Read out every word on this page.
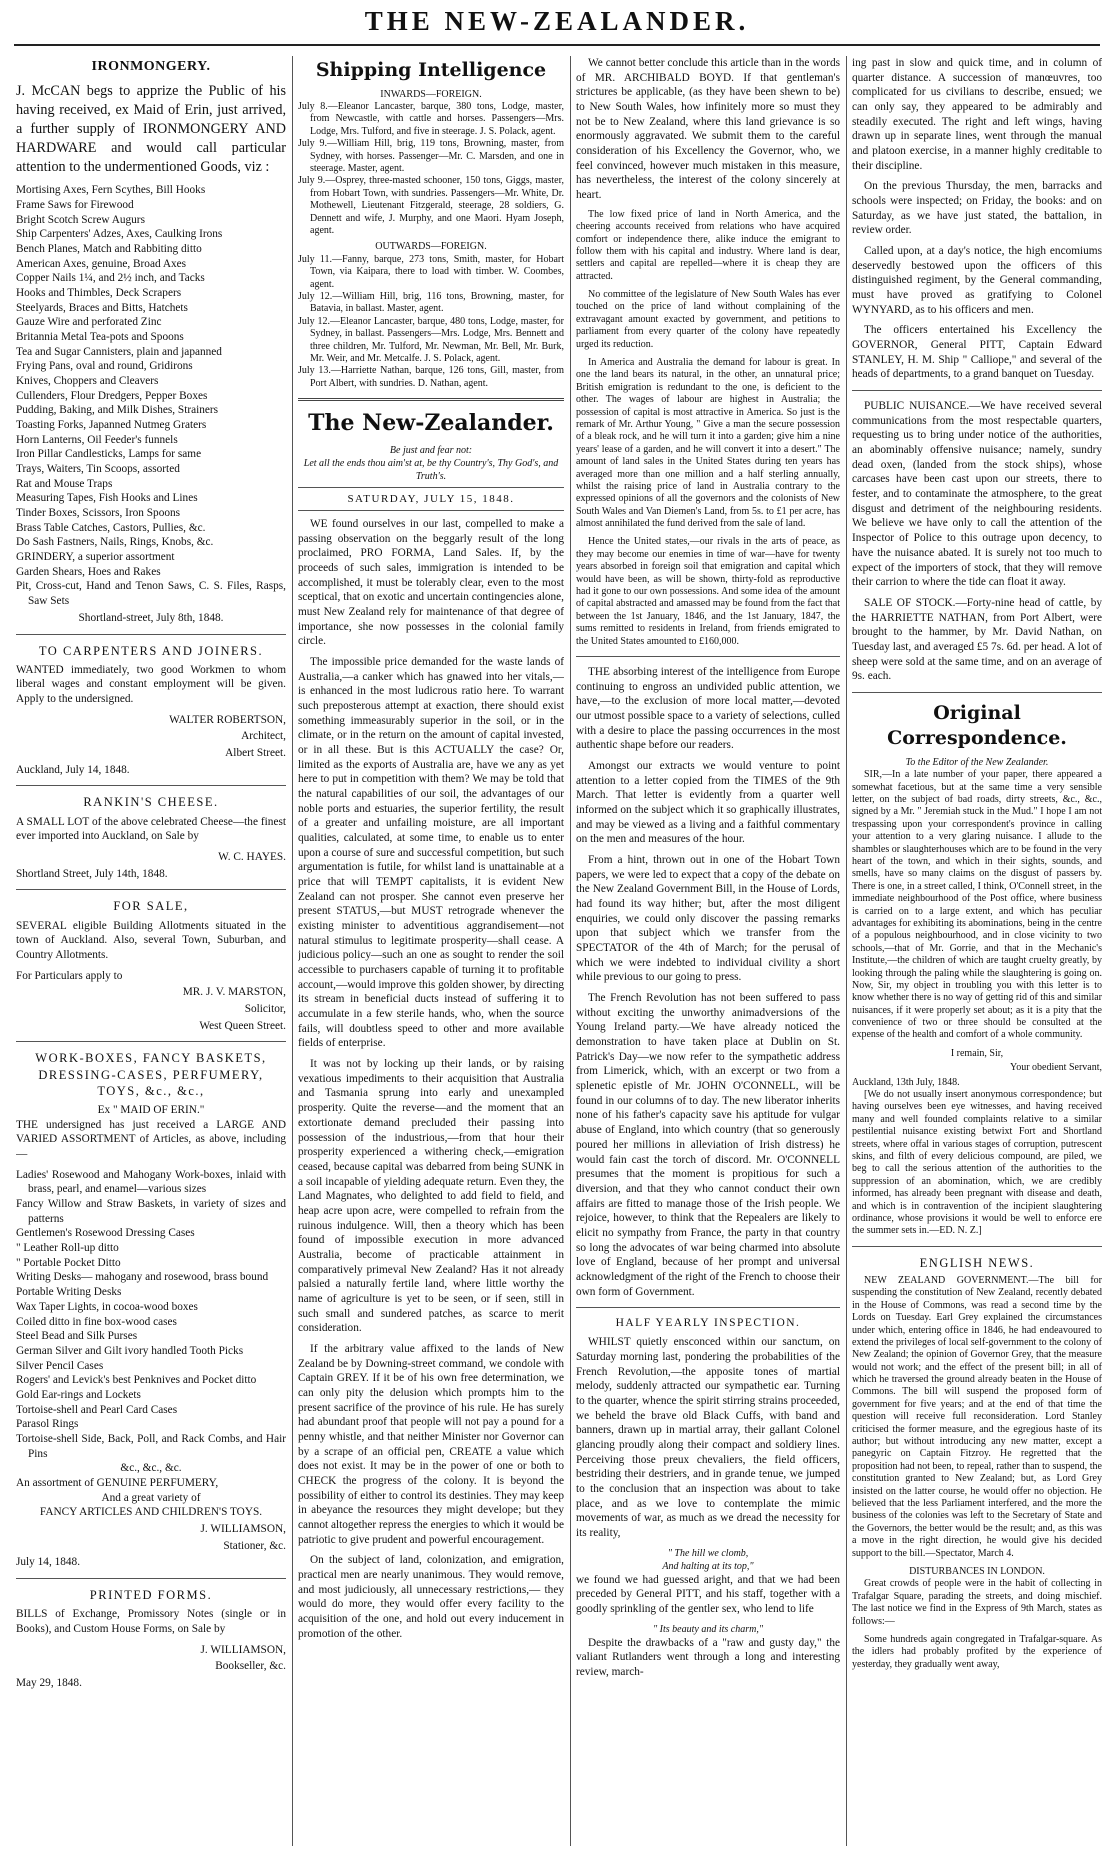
THE NEW-ZEALANDER.
IRONMONGERY.

J. McCAN begs to apprize the Public of his having received, ex Maid of Erin, just arrived, a further supply of IRONMONGERY AND HARDWARE and would call particular attention to the undermentioned Goods, viz :

Mortising Axes, Fern Scythes, Bill Hooks
Frame Saws for Firewood
Bright Scotch Screw Augurs
Ship Carpenters' Adzes, Axes, Caulking Irons
Bench Planes, Match and Rabbiting ditto
American Axes, genuine, Broad Axes
Copper Nails 1¼, and 2½ inch, and Tacks
Hooks and Thimbles, Deck Scrapers
Steelyards, Braces and Bitts, Hatchets
Gauze Wire and perforated Zinc
Britannia Metal Tea-pots and Spoons
Tea and Sugar Cannisters, plain and japanned
Frying Pans, oval and round, Gridirons
Knives, Choppers and Cleavers
Cullenders, Flour Dredgers, Pepper Boxes
Pudding, Baking, and Milk Dishes, Strainers
Toasting Forks, Japanned Nutmeg Graters
Horn Lanterns, Oil Feeder's funnels
Iron Pillar Candlesticks, Lamps for same
Trays, Waiters, Tin Scoops, assorted
Rat and Mouse Traps
Measuring Tapes, Fish Hooks and Lines
Tinder Boxes, Scissors, Iron Spoons
Brass Table Catches, Castors, Pullies, &c.
Do Sash Fastners, Nails, Rings, Knobs, &c.
GRINDERY, a superior assortment
Garden Shears, Hoes and Rakes
Pit, Cross-cut, Hand and Tenon Saws, C. S. Files, Rasps, Saw Sets
Shortland-street, July 8th, 1848.
TO CARPENTERS AND JOINERS.

WANTED immediately, two good Workmen to whom liberal wages and constant employment will be given. Apply to the undersigned.

WALTER ROBERTSON,
Architect,
Albert Street.
Auckland, July 14, 1848.
RANKIN'S CHEESE.

A SMALL LOT of the above celebrated Cheese—the finest ever imported into Auckland, on Sale by

W. C. HAYES.
Shortland Street, July 14th, 1848.
FOR SALE,

SEVERAL eligible Building Allotments situated in the town of Auckland. Also, several Town, Suburban, and Country Allotments.

For Particulars apply to
MR. J. V. MARSTON,
Solicitor,
West Queen Street.
WORK-BOXES, FANCY BASKETS, DRESSING-CASES, PERFUMERY, TOYS, &c., &c.,
Ex " MAID OF ERIN."

THE undersigned has just received a LARGE AND VARIED ASSORTMENT of Articles, as above, including—

Ladies' Rosewood and Mahogany Work-boxes, inlaid with brass, pearl, and enamel—various sizes
Fancy Willow and Straw Baskets, in variety of sizes and patterns
Gentlemen's Rosewood Dressing Cases
" Leather Roll-up ditto
" Portable Pocket Ditto
Writing Desks— mahogany and rosewood, brass bound
Portable Writing Desks
Wax Taper Lights, in cocoa-wood boxes
Coiled ditto in fine box-wood cases
Steel Bead and Silk Purses
German Silver and Gilt ivory handled Tooth Picks
Silver Pencil Cases
Rogers' and Levick's best Penknives and Pocket ditto
Gold Ear-rings and Lockets
Tortoise-shell and Pearl Card Cases
Parasol Rings
Tortoise-shell Side, Back, Poll, and Rack Combs, and Hair Pins
&c., &c., &c.
An assortment of GENUINE PERFUMERY,
And a great variety of
FANCY ARTICLES AND CHILDREN'S TOYS.
J. WILLIAMSON,
Stationer, &c.
July 14, 1848.
PRINTED FORMS.

BILLS of Exchange, Promissory Notes (single or in Books), and Custom House Forms, on Sale by

J. WILLIAMSON,
Bookseller, &c.
May 29, 1848.
Shipping Intelligence
INWARDS—FOREIGN.
July 8.—Eleanor Lancaster, barque, 380 tons, Lodge, master, from Newcastle, with cattle and horses. Passengers—Mrs. Lodge, Mrs. Tulford, and five in steerage. J. S. Polack, agent.
July 9.—William Hill, brig, 119 tons, Browning, master, from Sydney, with horses. Passenger—Mr. C. Marsden, and one in steerage. Master, agent.
July 9.—Osprey, three-masted schooner, 150 tons, Giggs, master, from Hobart Town, with sundries. Passengers—Mr. White, Dr. Mothewell, Lieutenant Fitzgerald, steerage, 28 soldiers, G. Dennett and wife, J. Murphy, and one Maori. Hyam Joseph, agent.
OUTWARDS—FOREIGN.
July 11.—Fanny, barque, 273 tons, Smith, master, for Hobart Town, via Kaipara, there to load with timber. W. Coombes, agent.
July 12.—William Hill, brig, 116 tons, Browning, master, for Batavia, in ballast. Master, agent.
July 12.—Eleanor Lancaster, barque, 480 tons, Lodge, master, for Sydney, in ballast. Passengers—Mrs. Lodge, Mrs. Bennett and three children, Mr. Tulford, Mr. Newman, Mr. Bell, Mr. Burk, Mr. Weir, and Mr. Metcalfe. J. S. Polack, agent.
July 13.—Harriette Nathan, barque, 126 tons, Gill, master, from Port Albert, with sundries. D. Nathan, agent.
The New-Zealander.
Be just and fear not:
Let all the ends thou aim'st at, be thy Country's, Thy God's, and Truth's.
SATURDAY, JULY 15, 1848.

WE found ourselves in our last, compelled to make a passing observation on the beggarly result of the long proclaimed, PRO FORMA, Land Sales. If, by the proceeds of such sales, immigration is intended to be accomplished, it must be tolerably clear, even to the most sceptical, that on exotic and uncertain contingencies alone, must New Zealand rely for maintenance of that degree of importance, she now possesses in the colonial family circle.

The impossible price demanded for the waste lands of Australia,—a canker which has gnawed into her vitals,—is enhanced in the most ludicrous ratio here. To warrant such preposterous attempt at exaction, there should exist something immeasurably superior in the soil, or in the climate, or in the return on the amount of capital invested, or in all these. But is this ACTUALLY the case? Or, limited as the exports of Australia are, have we any as yet here to put in competition with them? We may be told that the natural capabilities of our soil, the advantages of our noble ports and estuaries, the superior fertility, the result of a greater and unfailing moisture, are all important qualities, calculated, at some time, to enable us to enter upon a course of sure and successful competition, but such argumentation is futile, for whilst land is unattainable at a price that will TEMPT capitalists, it is evident New Zealand can not prosper. She cannot even preserve her present STATUS,—but MUST retrograde whenever the existing minister to adventitious aggrandisement—not natural stimulus to legitimate prosperity—shall cease. A judicious policy—such an one as sought to render the soil accessible to purchasers capable of turning it to profitable account,—would improve this golden shower, by directing its stream in beneficial ducts instead of suffering it to accumulate in a few sterile hands, who, when the source fails, will doubtless speed to other and more available fields of enterprise.

It was not by locking up their lands, or by raising vexatious impediments to their acquisition that Australia and Tasmania sprung into early and unexampled prosperity. Quite the reverse—and the moment that an extortionate demand precluded their passing into possession of the industrious,—from that hour their prosperity experienced a withering check,—emigration ceased, because capital was debarred from being SUNK in a soil incapable of yielding adequate return. Even they, the Land Magnates, who delighted to add field to field, and heap acre upon acre, were compelled to refrain from the ruinous indulgence. Will, then a theory which has been found of impossible execution in more advanced Australia, become of practicable attainment in comparatively primeval New Zealand? Has it not already palsied a naturally fertile land, where little worthy the name of agriculture is yet to be seen, or if seen, still in such small and sundered patches, as scarce to merit consideration.

If the arbitrary value affixed to the lands of New Zealand be by Downing-street command, we condole with Captain GREY. If it be of his own free determination, we can only pity the delusion which prompts him to the present sacrifice of the province of his rule. He has surely had abundant proof that people will not pay a pound for a penny whistle, and that neither Minister nor Governor can by a scrape of an official pen, CREATE a value which does not exist. It may be in the power of one or both to CHECK the progress of the colony. It is beyond the possibility of either to control its destinies. They may keep in abeyance the resources they might develope; but they cannot altogether repress the energies to which it would be patriotic to give prudent and powerful encouragement.

On the subject of land, colonization, and emigration, practical men are nearly unanimous. They would remove, and most judiciously, all unnecessary restrictions,— they would do more, they would offer every facility to the acquisition of the one, and hold out every inducement in promotion of the other.

We cannot better conclude this article than in the words of MR. ARCHIBALD BOYD. If that gentleman's strictures be applicable, (as they have been shewn to be) to New South Wales, how infinitely more so must they not be to New Zealand, where this land grievance is so enormously aggravated. We submit them to the careful consideration of his Excellency the Governor, who, we feel convinced, however much mistaken in this measure, has nevertheless, the interest of the colony sincerely at heart.

The low fixed price of land in North America, and the cheering accounts received from relations who have acquired comfort or independence there, alike induce the emigrant to follow them with his capital and industry. Where land is dear, settlers and capital are repelled—where it is cheap they are attracted.

No committee of the legislature of New South Wales has ever touched on the price of land without complaining of the extravagant amount exacted by government, and petitions to parliament from every quarter of the colony have repeatedly urged its reduction.

In America and Australia the demand for labour is great. In one the land bears its natural, in the other, an unnatural price; British emigration is redundant to the one, is deficient to the other. The wages of labour are highest in Australia; the possession of capital is most attractive in America. So just is the remark of Mr. Arthur Young, " Give a man the secure possession of a bleak rock, and he will turn it into a garden; give him a nine years' lease of a garden, and he will convert it into a desert." The amount of land sales in the United States during ten years has averaged more than one million and a half sterling annually, whilst the raising price of land in Australia contrary to the expressed opinions of all the governors and the colonists of New South Wales and Van Diemen's Land, from 5s. to £1 per acre, has almost annihilated the fund derived from the sale of land.

Hence the United states,—our rivals in the arts of peace, as they may become our enemies in time of war—have for twenty years absorbed in foreign soil that emigration and capital which would have been, as will be shown, thirty-fold as reproductive had it gone to our own possessions. And some idea of the amount of capital abstracted and amassed may be found from the fact that between the 1st January, 1846, and the 1st January, 1847, the sums remitted to residents in Ireland, from friends emigrated to the United States amounted to £160,000.

THE absorbing interest of the intelligence from Europe continuing to engross an undivided public attention, we have,—to the exclusion of more local matter,—devoted our utmost possible space to a variety of selections, culled with a desire to place the passing occurrences in the most authentic shape before our readers.

Amongst our extracts we would venture to point attention to a letter copied from the TIMES of the 9th March. That letter is evidently from a quarter well informed on the subject which it so graphically illustrates, and may be viewed as a living and a faithful commentary on the men and measures of the hour.

From a hint, thrown out in one of the Hobart Town papers, we were led to expect that a copy of the debate on the New Zealand Government Bill, in the House of Lords, had found its way hither; but, after the most diligent enquiries, we could only discover the passing remarks upon that subject which we transfer from the SPECTATOR of the 4th of March; for the perusal of which we were indebted to individual civility a short while previous to our going to press.

The French Revolution has not been suffered to pass without exciting the unworthy animadversions of the Young Ireland party.—We have already noticed the demonstration to have taken place at Dublin on St. Patrick's Day—we now refer to the sympathetic address from Limerick, which, with an excerpt or two from a splenetic epistle of Mr. JOHN O'CONNELL, will be found in our columns of to day. The new liberator inherits none of his father's capacity save his aptitude for vulgar abuse of England, into which country (that so generously poured her millions in alleviation of Irish distress) he would fain cast the torch of discord. Mr. O'CONNELL presumes that the moment is propitious for such a diversion, and that they who cannot conduct their own affairs are fitted to manage those of the Irish people. We rejoice, however, to think that the Repealers are likely to elicit no sympathy from France, the party in that country so long the advocates of war being charmed into absolute love of England, because of her prompt and universal acknowledgment of the right of the French to choose their own form of Government.

HALF YEARLY INSPECTION.

WHILST quietly ensconced within our sanctum, on Saturday morning last, pondering the probabilities of the French Revolution,—the apposite tones of martial melody, suddenly attracted our sympathetic ear. Turning to the quarter, whence the spirit stirring strains proceeded, we beheld the brave old Black Cuffs, with band and banners, drawn up in martial array, their gallant Colonel glancing proudly along their compact and soldiery lines. Perceiving those preux chevaliers, the field officers, bestriding their destriers, and in grande tenue, we jumped to the conclusion that an inspection was about to take place, and as we love to contemplate the mimic movements of war, as much as we dread the necessity for its reality,

" The hill we clomb,
And halting at its top,"

we found we had guessed aright, and that we had been preceded by General PITT, and his staff, together with a goodly sprinkling of the gentler sex, who lend to life

" Its beauty and its charm,"

Despite the drawbacks of a "raw and gusty day," the valiant Rutlanders went through a long and interesting review, march-

ing past in slow and quick time, and in column of quarter distance. A succession of manœuvres, too complicated for us civilians to describe, ensued; we can only say, they appeared to be admirably and steadily executed. The right and left wings, having drawn up in separate lines, went through the manual and platoon exercise, in a manner highly creditable to their discipline.

On the previous Thursday, the men, barracks and schools were inspected; on Friday, the books: and on Saturday, as we have just stated, the battalion, in review order.

Called upon, at a day's notice, the high encomiums deservedly bestowed upon the officers of this distinguished regiment, by the General commanding, must have proved as gratifying to Colonel WYNYARD, as to his officers and men.

The officers entertained his Excellency the GOVERNOR, General PITT, Captain Edward STANLEY, H. M. Ship " Calliope," and several of the heads of departments, to a grand banquet on Tuesday.

PUBLIC NUISANCE.—We have received several communications from the most respectable quarters, requesting us to bring under notice of the authorities, an abominably offensive nuisance; namely, sundry dead oxen, (landed from the stock ships), whose carcases have been cast upon our streets, there to fester, and to contaminate the atmosphere, to the great disgust and detriment of the neighbouring residents. We believe we have only to call the attention of the Inspector of Police to this outrage upon decency, to have the nuisance abated. It is surely not too much to expect of the importers of stock, that they will remove their carrion to where the tide can float it away.

SALE OF STOCK.—Forty-nine head of cattle, by the HARRIETTE NATHAN, from Port Albert, were brought to the hammer, by Mr. David Nathan, on Tuesday last, and averaged £5 7s. 6d. per head. A lot of sheep were sold at the same time, and on an average of 9s. each.

Original Correspondence.
To the Editor of the New Zealander.

SIR,—In a late number of your paper, there appeared a somewhat facetious, but at the same time a very sensible letter, on the subject of bad roads, dirty streets, &c., &c., signed by a Mr. " Jeremiah stuck in the Mud." I hope I am not trespassing upon your correspondent's province in calling your attention to a very glaring nuisance. I allude to the shambles or slaughterhouses which are to be found in the very heart of the town, and which in their sights, sounds, and smells, have so many claims on the disgust of passers by. There is one, in a street called, I think, O'Connell street, in the immediate neighbourhood of the Post office, where business is carried on to a large extent, and which has peculiar advantages for exhibiting its abominations, being in the centre of a populous neighbourhood, and in close vicinity to two schools,—that of Mr. Gorrie, and that in the Mechanic's Institute,—the children of which are taught cruelty greatly, by looking through the paling while the slaughtering is going on. Now, Sir, my object in troubling you with this letter is to know whether there is no way of getting rid of this and similar nuisances, if it were properly set about; as it is a pity that the convenience of two or three should be consulted at the expense of the health and comfort of a whole community.

I remain, Sir,
Your obedient Servant,
Auckland, 13th July, 1848.

[We do not usually insert anonymous correspondence; but having ourselves been eye witnesses, and having received many and well founded complaints relative to a similar pestilential nuisance existing betwixt Fort and Shortland streets, where offal in various stages of corruption, putrescent skins, and filth of every delicious compound, are piled, we beg to call the serious attention of the authorities to the suppression of an abomination, which, we are credibly informed, has already been pregnant with disease and death, and which is in contravention of the incipient slaughtering ordinance, whose provisions it would be well to enforce ere the summer sets in.—ED. N. Z.]

ENGLISH NEWS.

NEW ZEALAND GOVERNMENT.—The bill for suspending the constitution of New Zealand, recently debated in the House of Commons, was read a second time by the Lords on Tuesday. Earl Grey explained the circumstances under which, entering office in 1846, he had endeavoured to extend the privileges of local self-government to the colony of New Zealand; the opinion of Governor Grey, that the measure would not work; and the effect of the present bill; in all of which he traversed the ground already beaten in the House of Commons. The bill will suspend the proposed form of government for five years; and at the end of that time the question will receive full reconsideration. Lord Stanley criticised the former measure, and the egregious haste of its author; but without introducing any new matter, except a panegyric on Captain Fitzroy. He regretted that the proposition had not been, to repeal, rather than to suspend, the constitution granted to New Zealand; but, as Lord Grey insisted on the latter course, he would offer no objection. He believed that the less Parliament interfered, and the more the business of the colonies was left to the Secretary of State and the Governors, the better would be the result; and, as this was a move in the right direction, he would give his decided support to the bill.—Spectator, March 4.

DISTURBANCES IN LONDON.

Great crowds of people were in the habit of collecting in Trafalgar Square, parading the streets, and doing mischief. The last notice we find in the Express of 9th March, states as follows:—

Some hundreds again congregated in Trafalgar-square. As the idlers had probably profited by the experience of yesterday, they gradually went away,
